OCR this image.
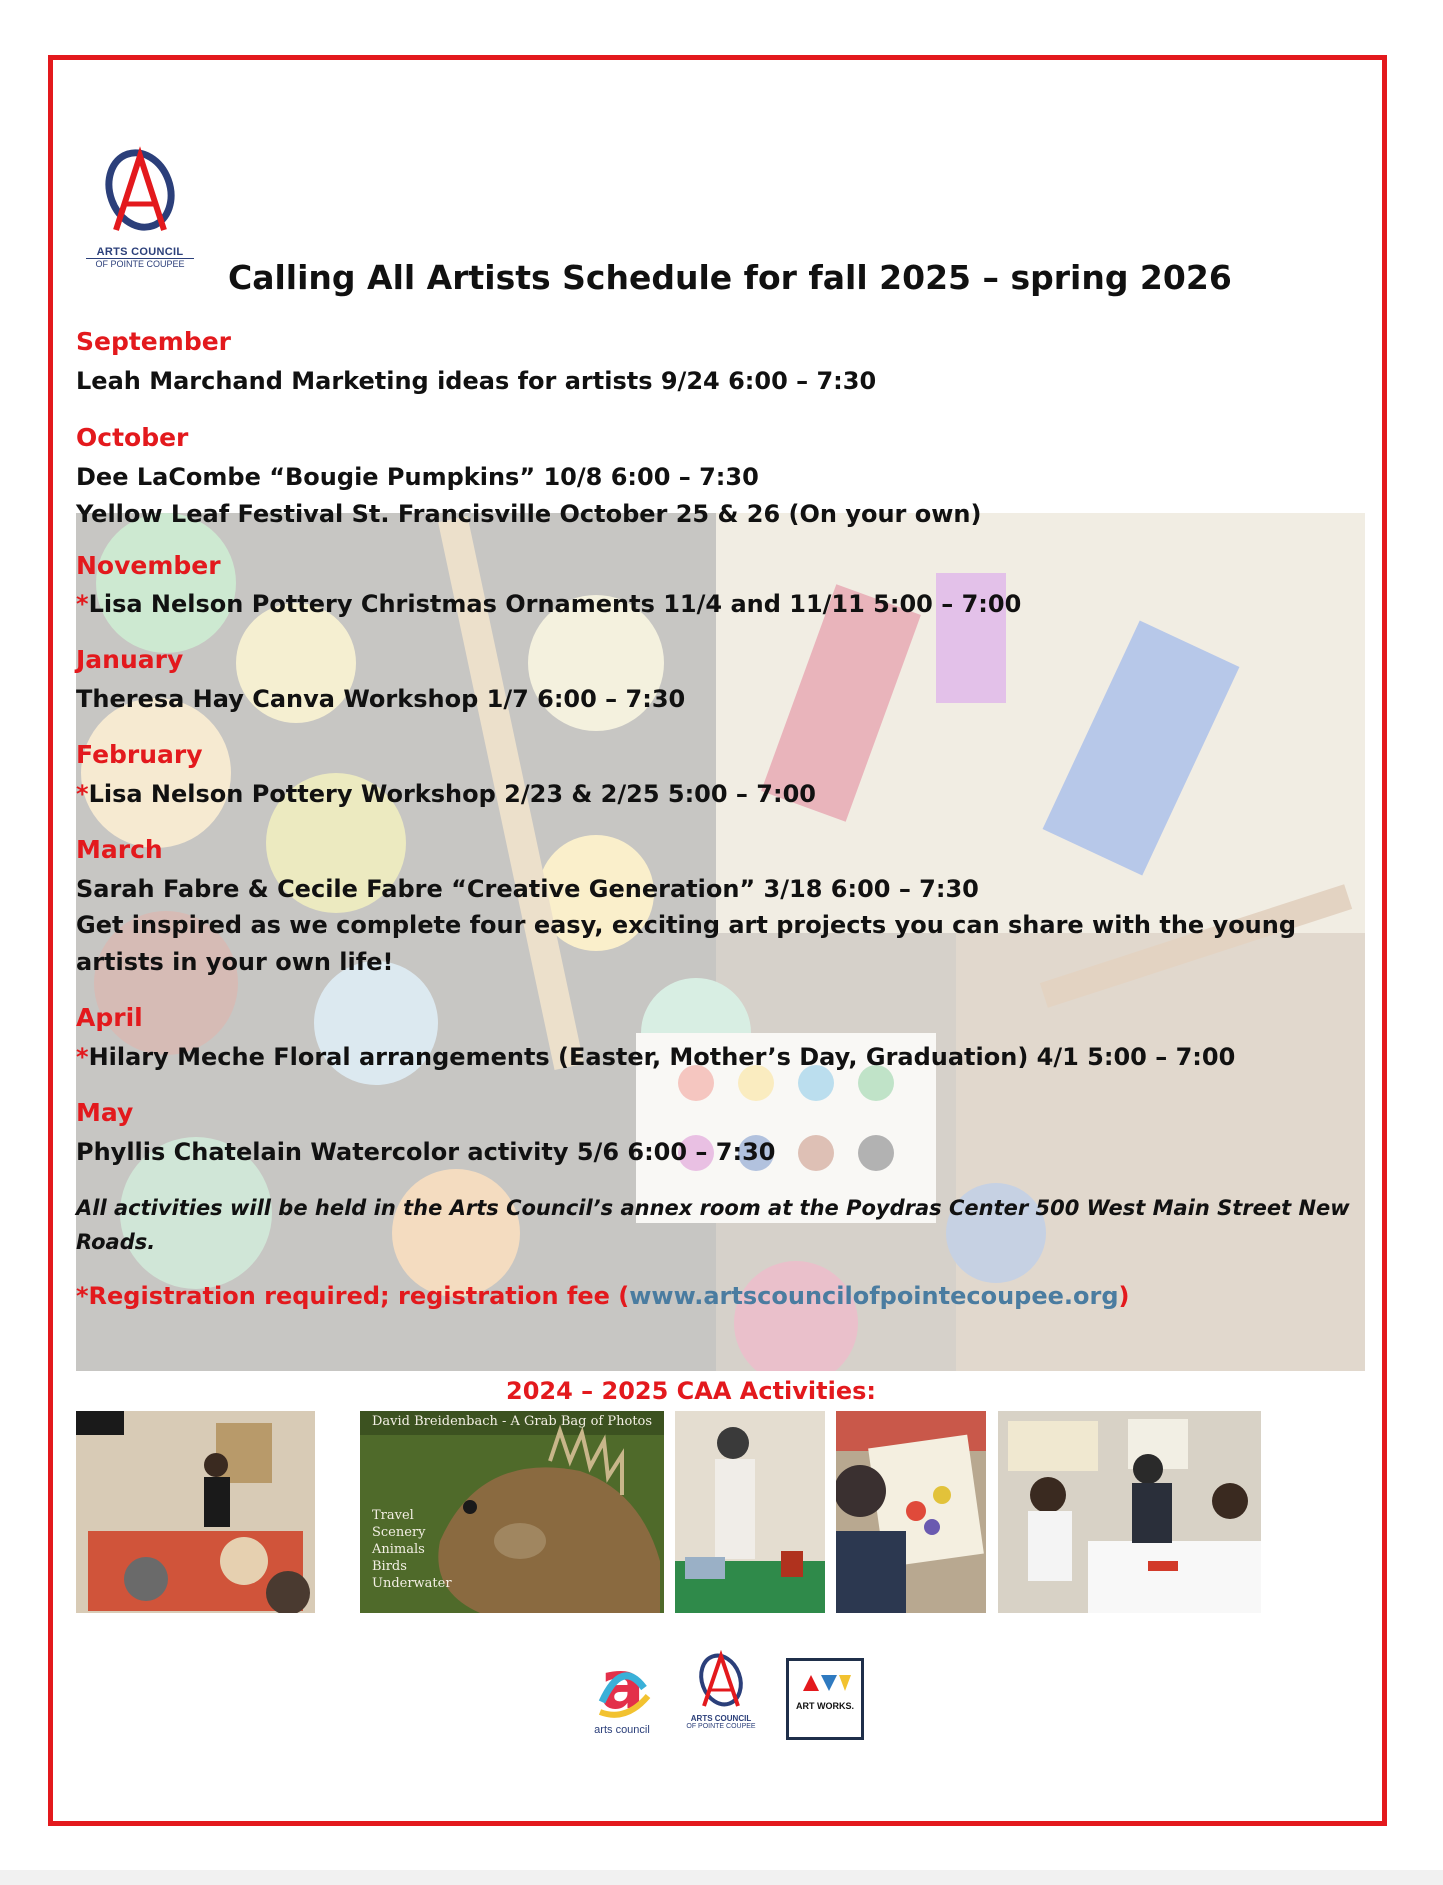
ARTS COUNCIL
OF POINTE COUPEE Calling All Artists Schedule for fall 2025 – spring 2026
September
Leah Marchand Marketing ideas for artists 9/24 6:00 – 7:30
October
Dee LaCombe “Bougie Pumpkins” 10/8 6:00 – 7:30
Yellow Leaf Festival St. Francisville October 25 & 26 (On your own)
November
*Lisa Nelson Pottery Christmas Ornaments 11/4 and 11/11 5:00 – 7:00
January
Theresa Hay Canva Workshop 1/7 6:00 – 7:30
February
*Lisa Nelson Pottery Workshop 2/23 & 2/25 5:00 – 7:00
March
Sarah Fabre & Cecile Fabre “Creative Generation” 3/18 6:00 – 7:30
Get inspired as we complete four easy, exciting art projects you can share with the young artists in your own life!
April
*Hilary Meche Floral arrangements (Easter, Mother’s Day, Graduation) 4/1 5:00 – 7:00
May
Phyllis Chatelain Watercolor activity 5/6 6:00 – 7:30
All activities will be held in the Arts Council’s annex room at the Poydras Center 500 West Main Street New Roads.
*Registration required; registration fee (www.artscouncilofpointecoupee.org)
2024 – 2025 CAA Activities:
David Breidenbach - A Grab Bag of Photos
Travel
Scenery
Animals
Birds
Underwater
a
arts council
ARTS COUNCIL
OF POINTE COUPEE
ART WORKS.
